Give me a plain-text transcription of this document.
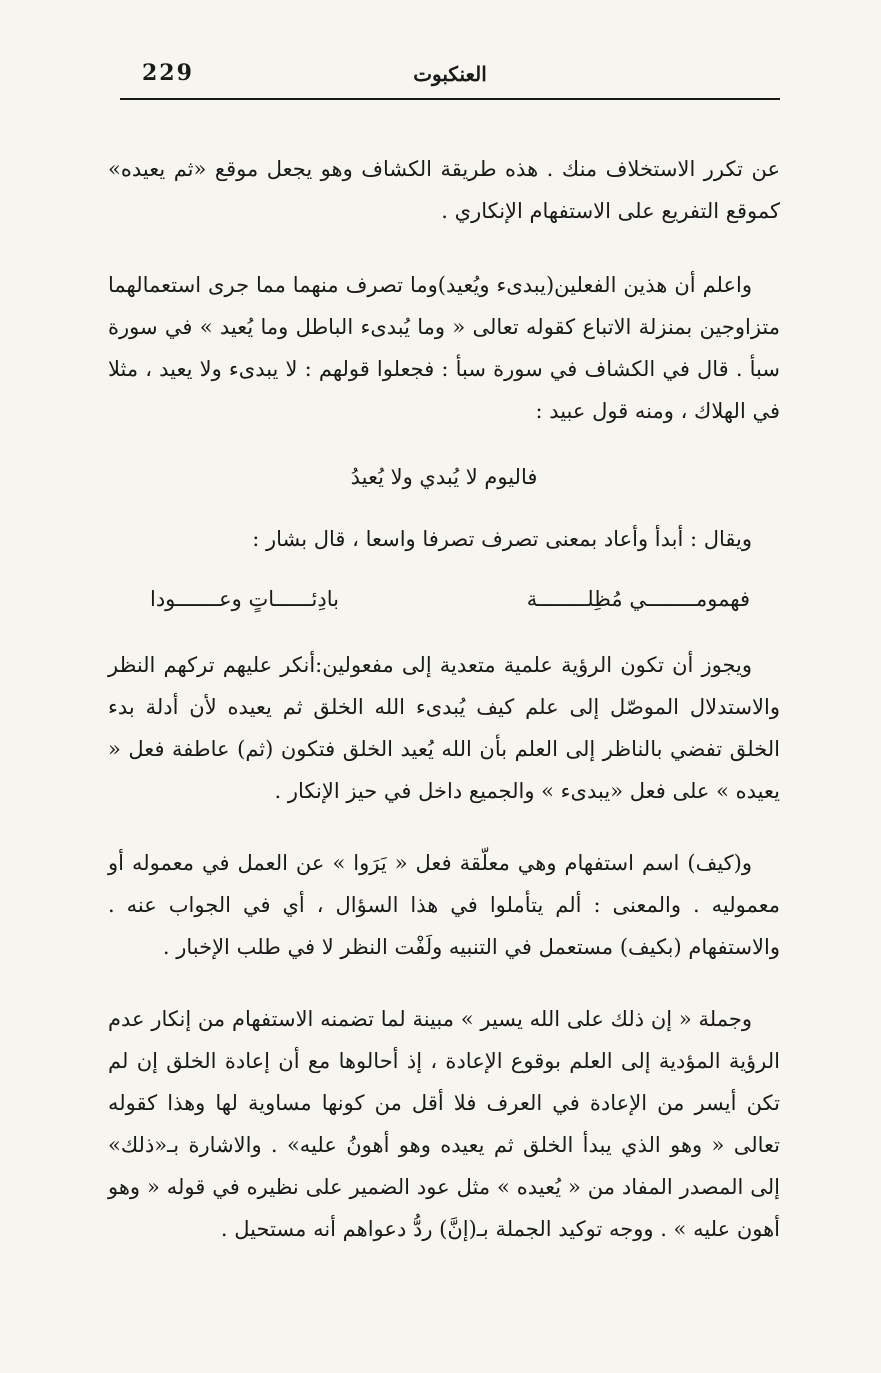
229	العنكبوت

عن تكرر الاستخلاف منك . هذه طريقة الكشاف وهو يجعل موقع «ثم يعيده» كموقع التفريع على الاستفهام الإنكاري .

واعلم أن هذين الفعلين(يبدىء ويُعيد)وما تصرف منهما مما جرى استعمالهما متزاوجين بمنزلة الاتباع كقوله تعالى « وما يُبدىء الباطل وما يُعيد » في سورة سبأ . قال في الكشاف في سورة سبأ : فجعلوا قولهم : لا يبدىء ولا يعيد ، مثلا في الهلاك ، ومنه قول عبيد :

فاليوم لا يُبدي ولا يُعيدُ

ويقال : أبدأ وأعاد بمعنى تصرف تصرفا واسعا ، قال بشار :

فهمومــــــــي مُظِلــــــــة
بادِئــــــاتٍ وعـــــــودا

ويجوز أن تكون الرؤية علمية متعدية إلى مفعولين:أنكر عليهم تركهم النظر والاستدلال الموصّل إلى علم كيف يُبدىء الله الخلق ثم يعيده لأن أدلة بدء الخلق تفضي بالناظر إلى العلم بأن الله يُعيد الخلق فتكون (ثم) عاطفة فعل « يعيده » على فعل «يبدىء » والجميع داخل في حيز الإنكار .

و(كيف) اسم استفهام وهي معلّقة فعل « يَرَوا » عن العمل في معموله أو معموليه . والمعنى : ألم يتأملوا في هذا السؤال ، أي في الجواب عنه . والاستفهام (بكيف) مستعمل في التنبيه ولَفْت النظر لا في طلب الإخبار .

وجملة « إن ذلك على الله يسير » مبينة لما تضمنه الاستفهام من إنكار عدم الرؤية المؤدية إلى العلم بوقوع الإعادة ، إذ أحالوها مع أن إعادة الخلق إن لم تكن أيسر من الإعادة في العرف فلا أقل من كونها مساوية لها وهذا كقوله تعالى « وهو الذي يبدأ الخلق ثم يعيده وهو أهونُ عليه» . والاشارة بـ«ذلك» إلى المصدر المفاد من « يُعيده » مثل عود الضمير على نظيره في قوله « وهو أهون عليه » . ووجه توكيد الجملة بـ(إنَّ) ردُّ دعواهم أنه مستحيل .
